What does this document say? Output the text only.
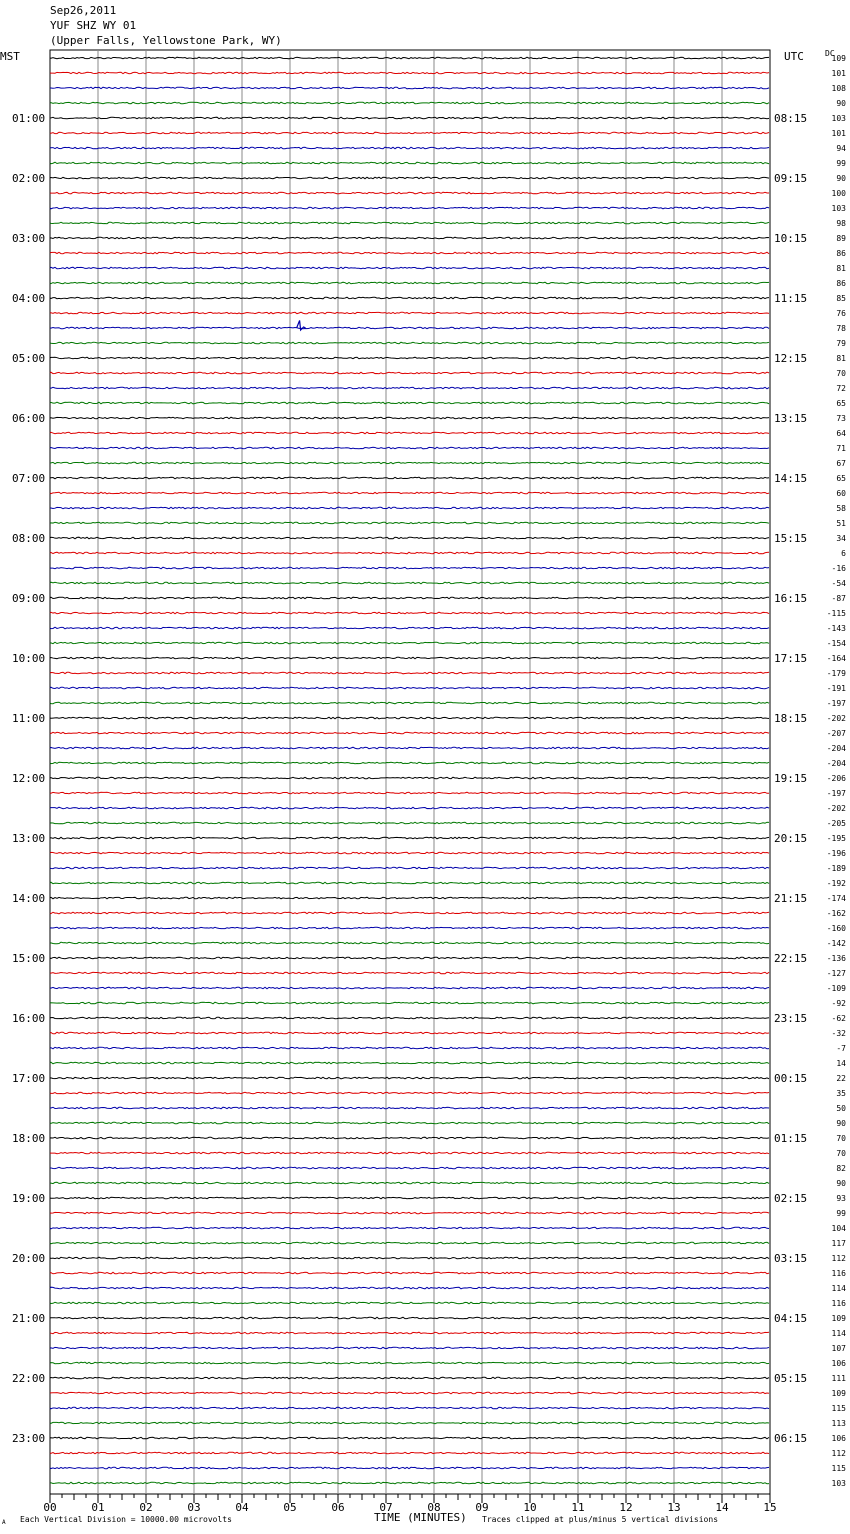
Sep26,2011
YUF SHZ WY 01
(Upper Falls, Yellowstone Park, WY)
MST	UTC	DC
109
101
108
90
103
101
94
99
90
100
103
98
89
86
81
86
85
76
78
79
81
70
72
65
73
64
71
67
65
60
58
51
34
6
-16
-54
-87
-115
-143
-154
-164
-179
-191
-197
-202
-207
-204
-204
-206
-197
-202
-205
-195
-196
-189
-192
-174
-162
-160
-142
-136
-127
-109
-92
-62
-32
-7
14
22
35
50
90
70
70
82
90
93
99
104
117
112
116
114
116
109
114
107
106
111
109
115
113
106
112
115
103
01:00
02:00
03:00
04:00
05:00
06:00
07:00
08:00
09:00
10:00
11:00
12:00
13:00
14:00
15:00
16:00
17:00
18:00
19:00
20:00
21:00
22:00
23:00
08:15
09:15
10:15
11:15
12:15
13:15
14:15
15:15
16:15
17:15
18:15
19:15
20:15
21:15
22:15
23:15
00:15
01:15
02:15
03:15
04:15
05:15
06:15
00	01	02	03	04	05	06	07	08	09	10	11	12	13	14	15
A Each Vertical Division = 10000.00 microvolts	TIME (MINUTES) Traces clipped at plus/minus 5 vertical divisions
